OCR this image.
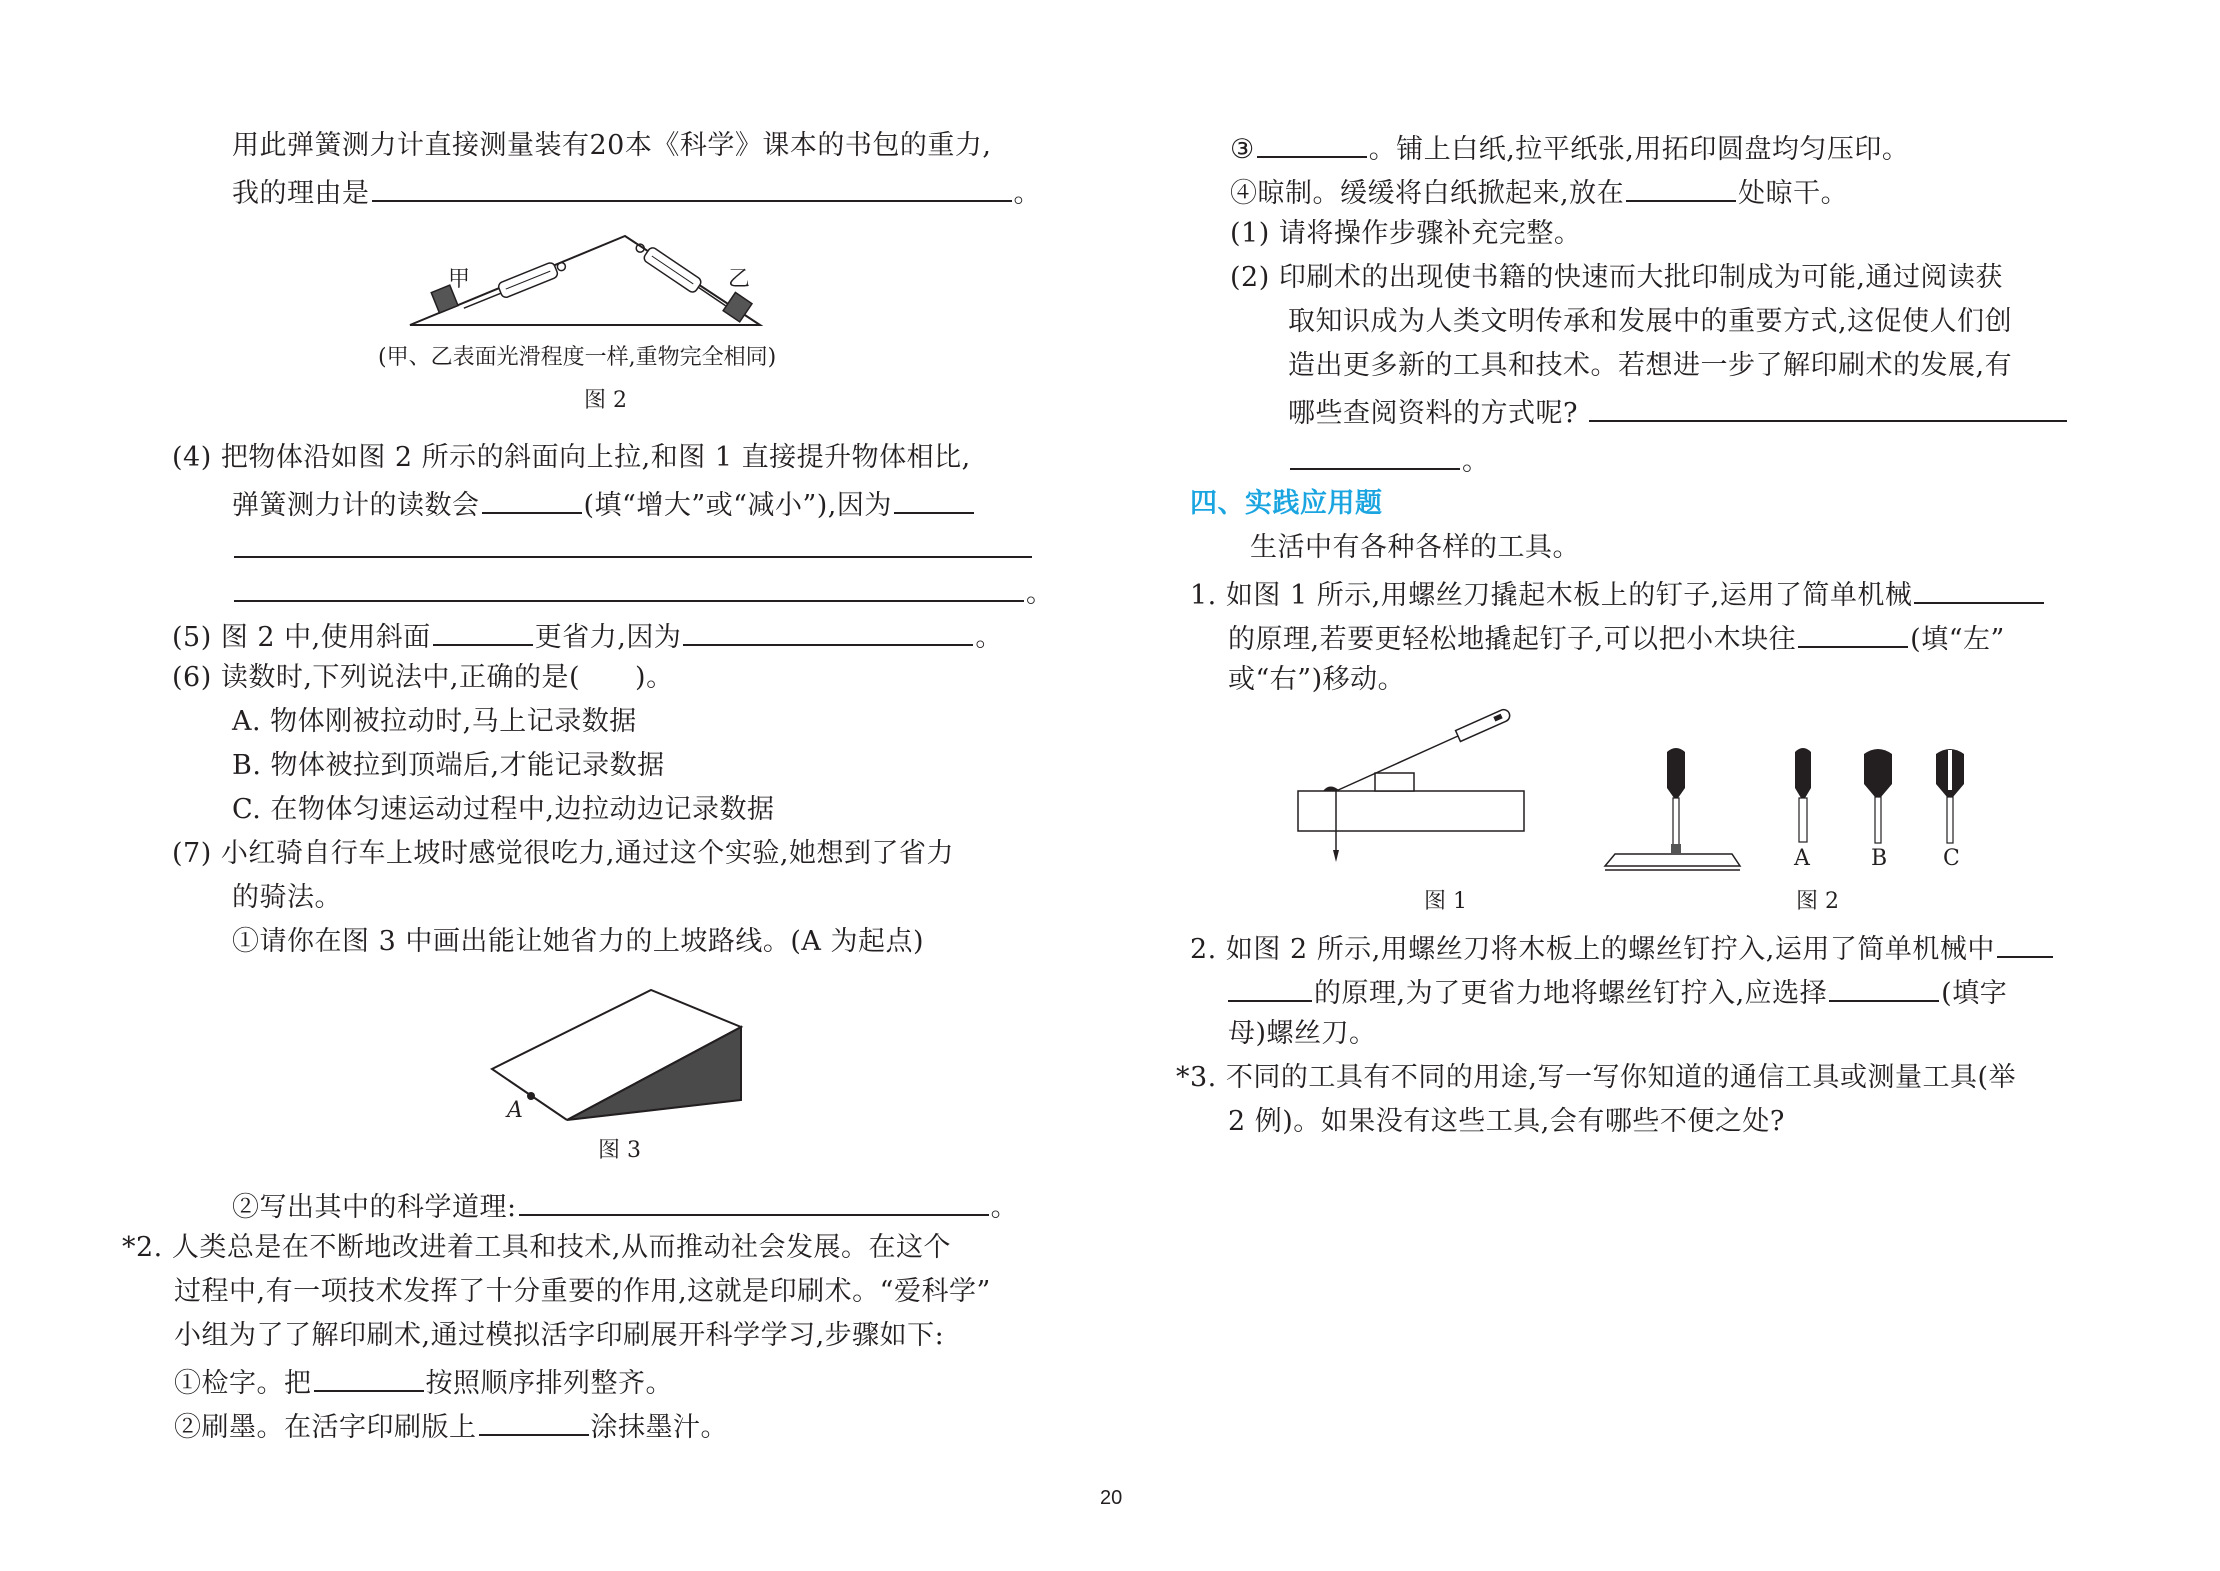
用此弹簧测力计直接测量装有20本《科学》课本的书包的重力,
我的理由是	。
甲	乙
(甲、乙表面光滑程度一样,重物完全相同)
图 2
(4) 把物体沿如图 2 所示的斜面向上拉,和图 1 直接提升物体相比,
弹簧测力计的读数会	(填“增大”或“减小”),因为
。
(5) 图 2 中,使用斜面	更省力,因为	。
(6) 读数时,下列说法中,正确的是(　　)。
A. 物体刚被拉动时,马上记录数据
B. 物体被拉到顶端后,才能记录数据
C. 在物体匀速运动过程中,边拉动边记录数据
(7) 小红骑自行车上坡时感觉很吃力,通过这个实验,她想到了省力
的骑法。
①请你在图 3 中画出能让她省力的上坡路线。(A 为起点)
A
图 3
②写出其中的科学道理:	。
*2. 人类总是在不断地改进着工具和技术,从而推动社会发展。在这个
过程中,有一项技术发挥了十分重要的作用,这就是印刷术。“爱科学”
小组为了了解印刷术,通过模拟活字印刷展开科学学习,步骤如下:
①检字。把	按照顺序排列整齐。
②刷墨。在活字印刷版上	涂抹墨汁。
③	。铺上白纸,拉平纸张,用拓印圆盘均匀压印。
④晾制。缓缓将白纸掀起来,放在	处晾干。
(1) 请将操作步骤补充完整。
(2) 印刷术的出现使书籍的快速而大批印制成为可能,通过阅读获
取知识成为人类文明传承和发展中的重要方式,这促使人们创
造出更多新的工具和技术。若想进一步了解印刷术的发展,有
哪些查阅资料的方式呢?
。
四、实践应用题
生活中有各种各样的工具。
1. 如图 1 所示,用螺丝刀撬起木板上的钉子,运用了简单机械
的原理,若要更轻松地撬起钉子,可以把小木块往	(填“左”
或“右”)移动。
图 1
A	B	C
图 2
2. 如图 2 所示,用螺丝刀将木板上的螺丝钉拧入,运用了简单机械中
的原理,为了更省力地将螺丝钉拧入,应选择	(填字
母)螺丝刀。
*3. 不同的工具有不同的用途,写一写你知道的通信工具或测量工具(举
2 例)。如果没有这些工具,会有哪些不便之处?
20
